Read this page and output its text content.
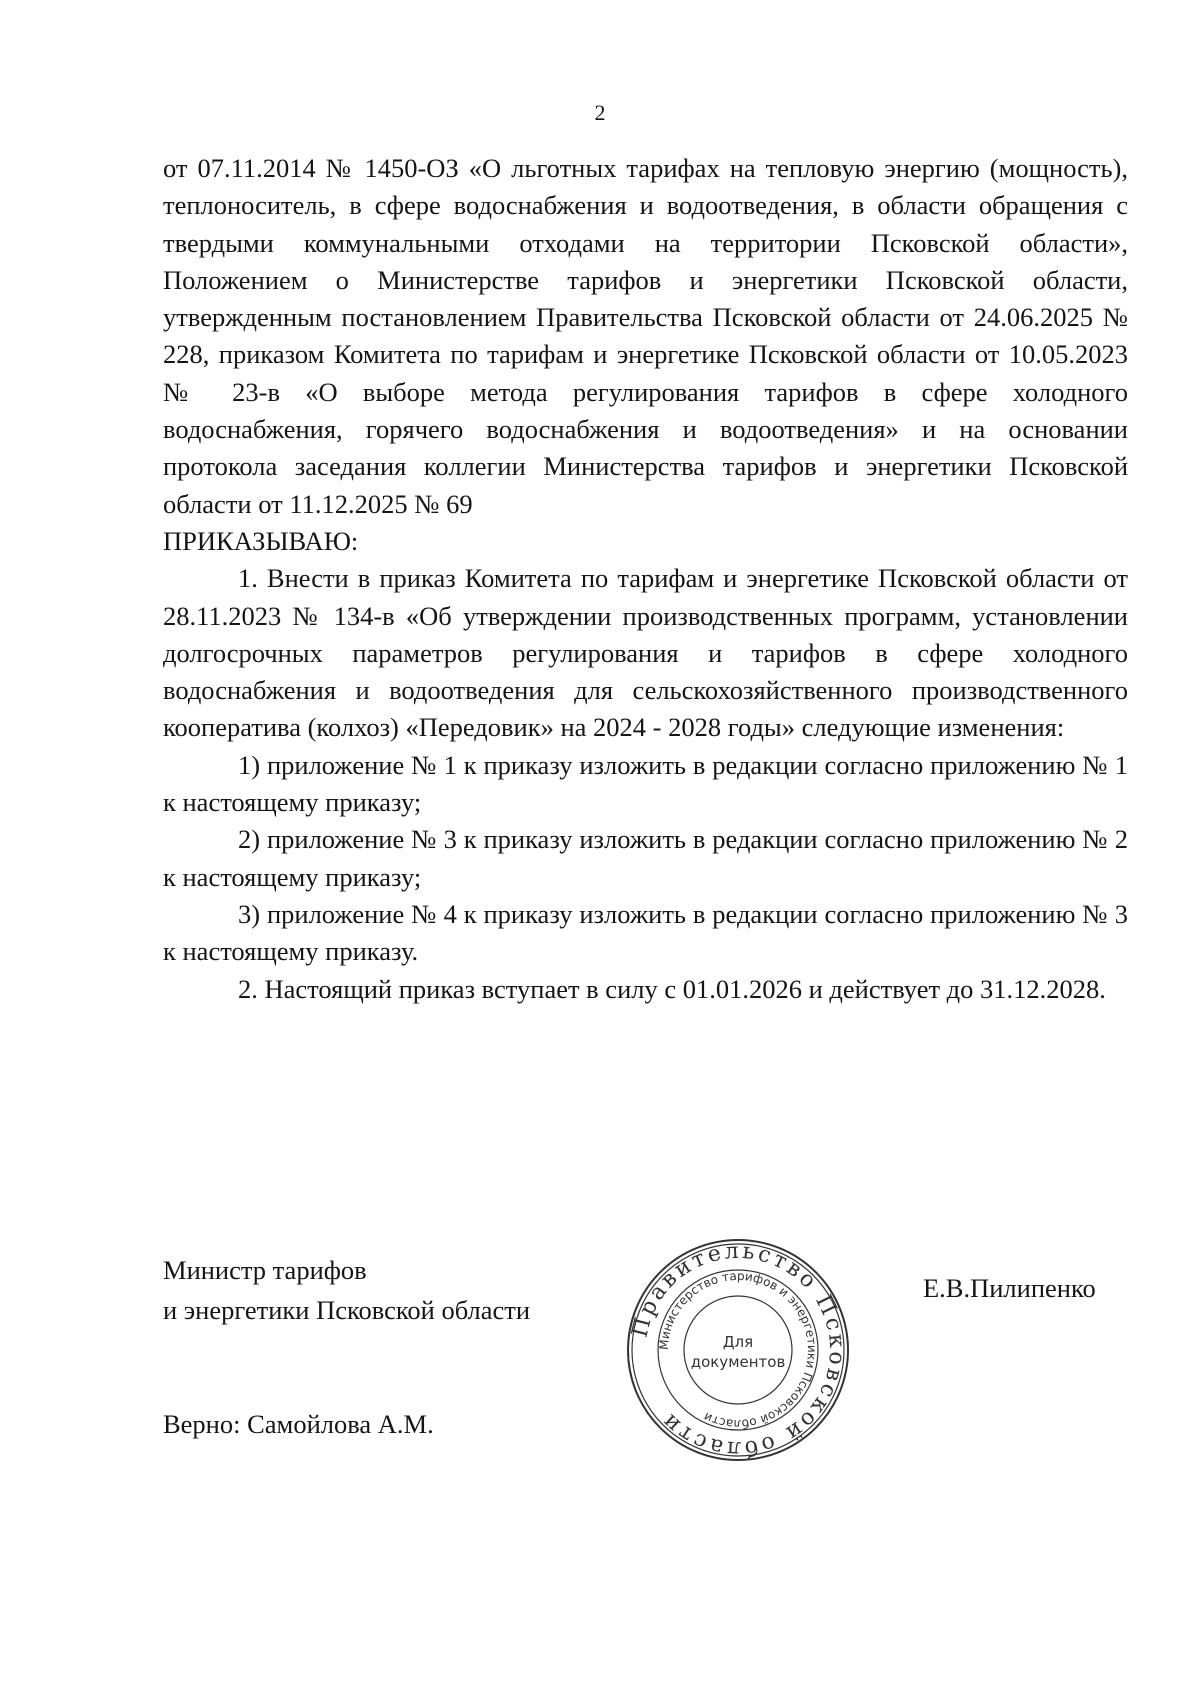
2

от 07.11.2014 № 1450-ОЗ «О льготных тарифах на тепловую энергию (мощность), теплоноситель, в сфере водоснабжения и водоотведения, в области обращения с твердыми коммунальными отходами на территории Псковской области», Положением о Министерстве тарифов и энергетики Псковской области, утвержденным постановлением Правительства Псковской области от 24.06.2025 № 228, приказом Комитета по тарифам и энергетике Псковской области от 10.05.2023 № 23-в «О выборе метода регулирования тарифов в сфере холодного водоснабжения, горячего водоснабжения и водоотведения» и на основании протокола заседания коллегии Министерства тарифов и энергетики Псковской области от 11.12.2025 № 69

ПРИКАЗЫВАЮ:

1. Внести в приказ Комитета по тарифам и энергетике Псковской области от 28.11.2023 № 134-в «Об утверждении производственных программ, установлении долгосрочных параметров регулирования и тарифов в сфере холодного водоснабжения и водоотведения для сельскохозяйственного производственного кооператива (колхоз) «Передовик» на 2024 - 2028 годы» следующие изменения:

1) приложение № 1 к приказу изложить в редакции согласно приложению № 1 к настоящему приказу;

2) приложение № 3 к приказу изложить в редакции согласно приложению № 2 к настоящему приказу;

3) приложение № 4 к приказу изложить в редакции согласно приложению № 3 к настоящему приказу.

2. Настоящий приказ вступает в силу с 01.01.2026 и действует до 31.12.2028.

Министр тарифов
и энергетики Псковской области
Е.В.Пилипенко
Правительство Псковской области
Министерство тарифов и энергетики Псковской области
Для
документов
Верно: Самойлова А.М.
